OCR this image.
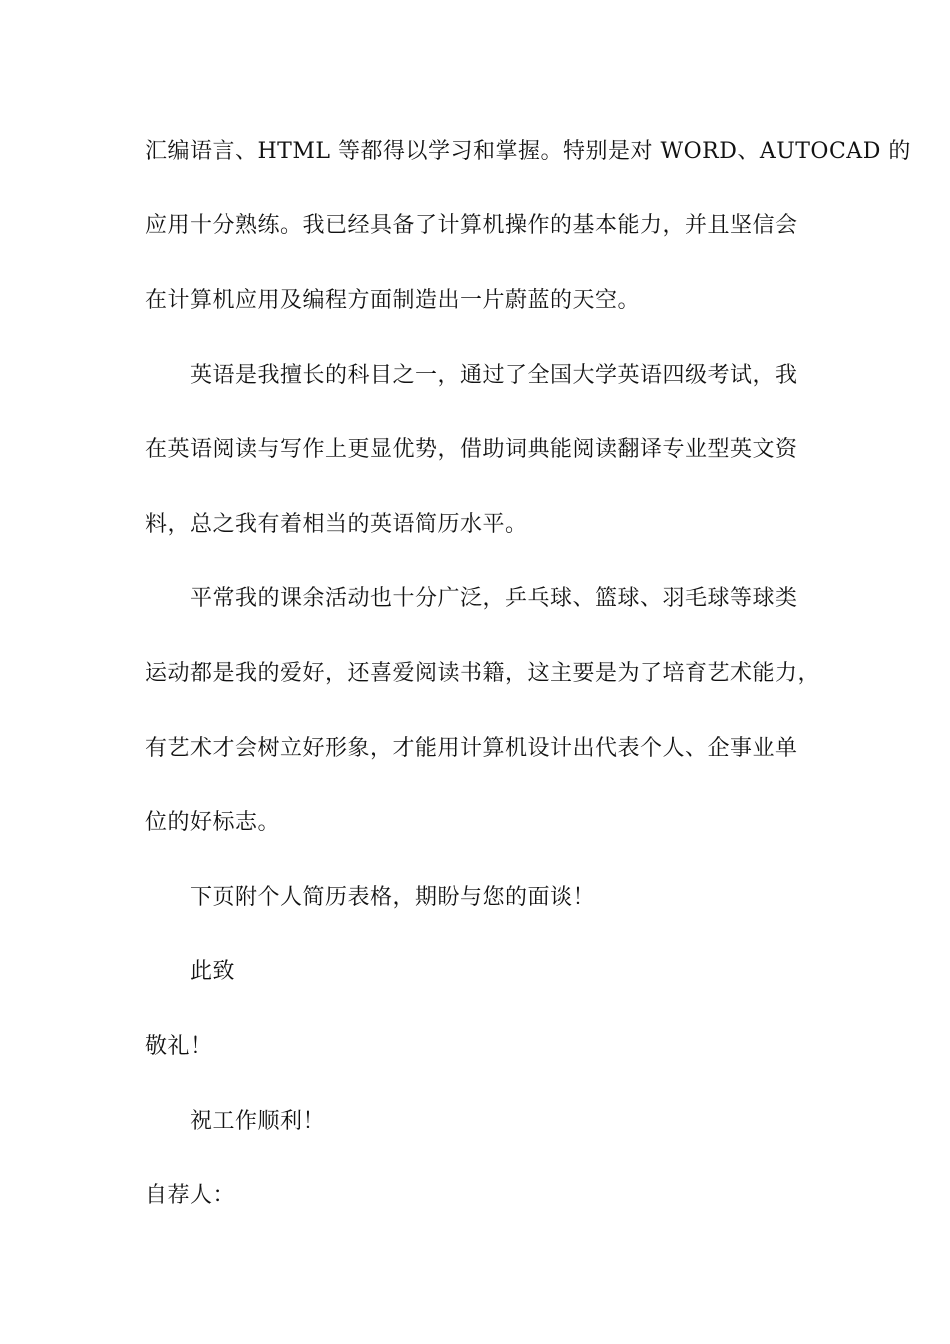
汇编语言、HTML 等都得以学习和掌握。特别是对 WORD、AUTOCAD 的
应用十分熟练。我已经具备了计算机操作的基本能力，并且坚信会
在计算机应用及编程方面制造出一片蔚蓝的天空。
英语是我擅长的科目之一，通过了全国大学英语四级考试，我
在英语阅读与写作上更显优势，借助词典能阅读翻译专业型英文资
料，总之我有着相当的英语简历水平。
平常我的课余活动也十分广泛，乒乓球、篮球、羽毛球等球类
运动都是我的爱好，还喜爱阅读书籍，这主要是为了培育艺术能力，
有艺术才会树立好形象，才能用计算机设计出代表个人、企事业单
位的好标志。
下页附个人简历表格，期盼与您的面谈！
此致
敬礼！
祝工作顺利！
自荐人：
